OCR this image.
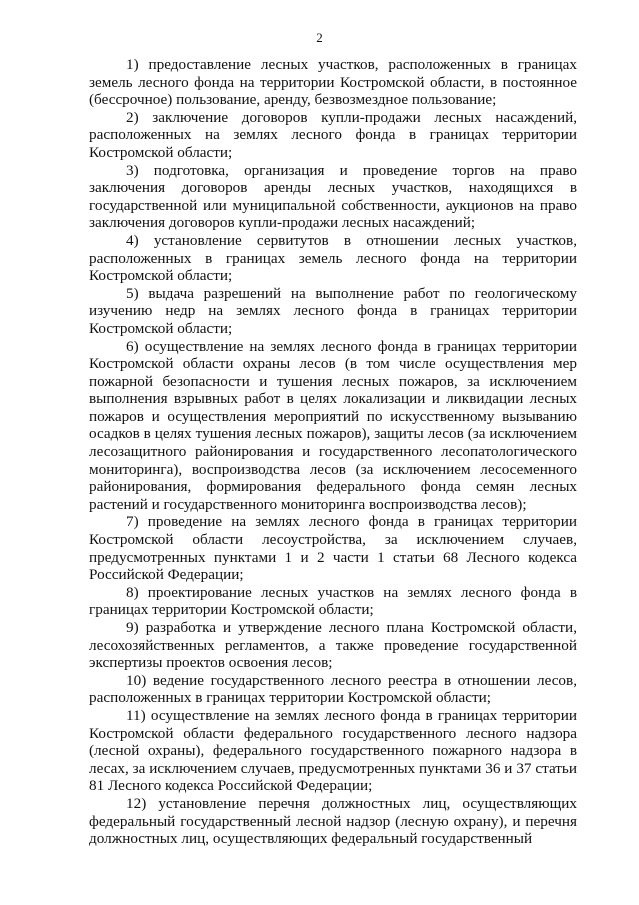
2

1) предоставление лесных участков, расположенных в границах земель лесного фонда на территории Костромской области, в постоянное (бессрочное) пользование, аренду, безвозмездное пользование;

2) заключение договоров купли-продажи лесных насаждений, расположенных на землях лесного фонда в границах территории Костромской области;

3) подготовка, организация и проведение торгов на право заключения договоров аренды лесных участков, находящихся в государственной или муниципальной собственности, аукционов на право заключения договоров купли-продажи лесных насаждений;

4) установление сервитутов в отношении лесных участков, расположенных в границах земель лесного фонда на территории Костромской области;

5) выдача разрешений на выполнение работ по геологическому изучению недр на землях лесного фонда в границах территории Костромской области;

6) осуществление на землях лесного фонда в границах территории Костромской области охраны лесов (в том числе осуществления мер пожарной безопасности и тушения лесных пожаров, за исключением выполнения взрывных работ в целях локализации и ликвидации лесных пожаров и осуществления мероприятий по искусственному вызыванию осадков в целях тушения лесных пожаров), защиты лесов (за исключением лесозащитного районирования и государственного лесопатологического мониторинга), воспроизводства лесов (за исключением лесосеменного районирования, формирования федерального фонда семян лесных растений и государственного мониторинга воспроизводства лесов);

7) проведение на землях лесного фонда в границах территории Костромской области лесоустройства, за исключением случаев, предусмотренных пунктами 1 и 2 части 1 статьи 68 Лесного кодекса Российской Федерации;

8) проектирование лесных участков на землях лесного фонда в границах территории Костромской области;

9) разработка и утверждение лесного плана Костромской области, лесохозяйственных регламентов, а также проведение государственной экспертизы проектов освоения лесов;

10) ведение государственного лесного реестра в отношении лесов, расположенных в границах территории Костромской области;

11) осуществление на землях лесного фонда в границах территории Костромской области федерального государственного лесного надзора (лесной охраны), федерального государственного пожарного надзора в лесах, за исключением случаев, предусмотренных пунктами 36 и 37 статьи 81 Лесного кодекса Российской Федерации;

12) установление перечня должностных лиц, осуществляющих федеральный государственный лесной надзор (лесную охрану), и перечня должностных лиц, осуществляющих федеральный государственный
